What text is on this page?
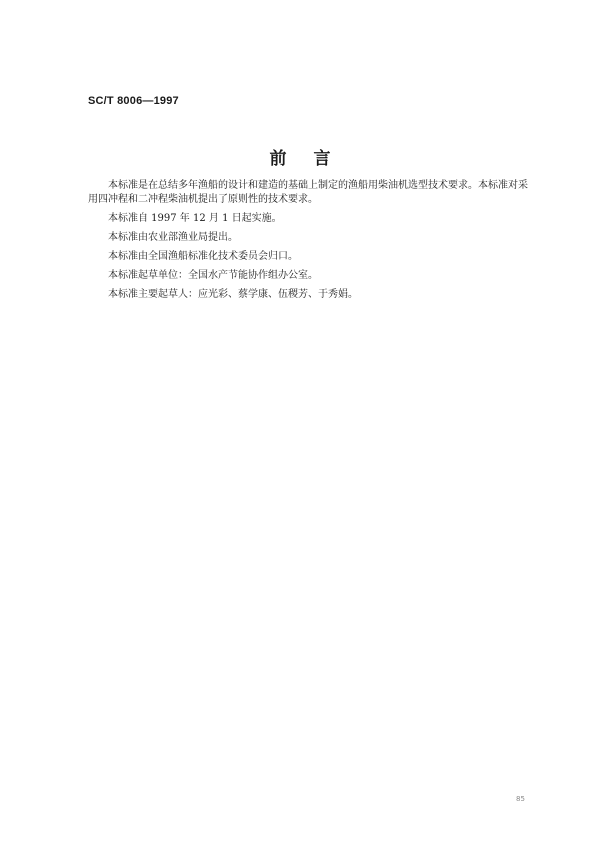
SC/T 8006—1997
前言

本标准是在总结多年渔船的设计和建造的基础上制定的渔船用柴油机选型技术要求。本标准对采用四冲程和二冲程柴油机提出了原则性的技术要求。

本标准自 1997 年 12 月 1 日起实施。

本标准由农业部渔业局提出。

本标准由全国渔船标准化技术委员会归口。

本标准起草单位：全国水产节能协作组办公室。

本标准主要起草人：应光彩、蔡学康、伍稷芳、于秀娟。

85
